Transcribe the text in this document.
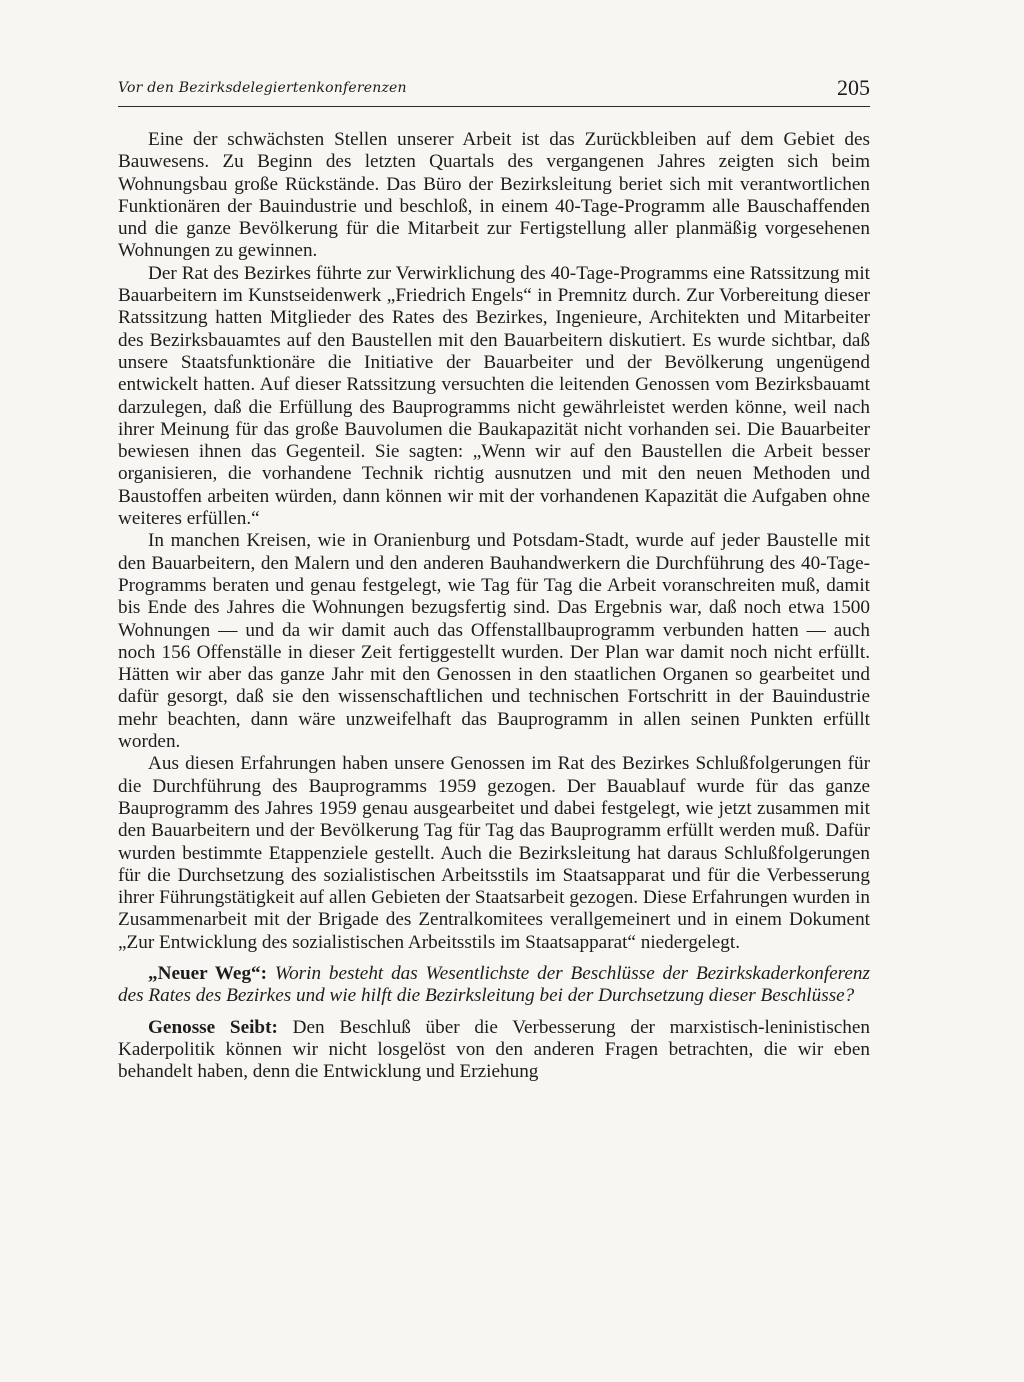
Vor den Bezirksdelegiertenkonferenzen	205

Eine der schwächsten Stellen unserer Arbeit ist das Zurückbleiben auf dem Gebiet des Bauwesens. Zu Beginn des letzten Quartals des vergangenen Jahres zeigten sich beim Wohnungsbau große Rückstände. Das Büro der Bezirksleitung beriet sich mit verantwortlichen Funktionären der Bauindustrie und beschloß, in einem 40-Tage-Programm alle Bauschaffenden und die ganze Bevölkerung für die Mitarbeit zur Fertigstellung aller planmäßig vorgesehenen Wohnungen zu gewinnen.

Der Rat des Bezirkes führte zur Verwirklichung des 40-Tage-Programms eine Ratssitzung mit Bauarbeitern im Kunstseidenwerk „Friedrich Engels“ in Premnitz durch. Zur Vorbereitung dieser Ratssitzung hatten Mitglieder des Rates des Bezirkes, Ingenieure, Architekten und Mitarbeiter des Bezirksbauamtes auf den Baustellen mit den Bauarbeitern diskutiert. Es wurde sichtbar, daß unsere Staatsfunktionäre die Initiative der Bauarbeiter und der Bevölkerung ungenügend entwickelt hatten. Auf dieser Ratssitzung versuchten die leitenden Genossen vom Bezirksbauamt darzulegen, daß die Erfüllung des Bauprogramms nicht gewährleistet werden könne, weil nach ihrer Meinung für das große Bauvolumen die Baukapazität nicht vorhanden sei. Die Bauarbeiter bewiesen ihnen das Gegenteil. Sie sagten: „Wenn wir auf den Baustellen die Arbeit besser organisieren, die vorhandene Technik richtig ausnutzen und mit den neuen Methoden und Baustoffen arbeiten würden, dann können wir mit der vorhandenen Kapazität die Aufgaben ohne weiteres erfüllen.“

In manchen Kreisen, wie in Oranienburg und Potsdam-Stadt, wurde auf jeder Baustelle mit den Bauarbeitern, den Malern und den anderen Bauhandwerkern die Durchführung des 40-Tage-Programms beraten und genau festgelegt, wie Tag für Tag die Arbeit voranschreiten muß, damit bis Ende des Jahres die Wohnungen bezugsfertig sind. Das Ergebnis war, daß noch etwa 1500 Wohnungen — und da wir damit auch das Offenstallbauprogramm verbunden hatten — auch noch 156 Offenställe in dieser Zeit fertiggestellt wurden. Der Plan war damit noch nicht erfüllt. Hätten wir aber das ganze Jahr mit den Genossen in den staatlichen Organen so gearbeitet und dafür gesorgt, daß sie den wissenschaftlichen und technischen Fortschritt in der Bauindustrie mehr beachten, dann wäre unzweifelhaft das Bauprogramm in allen seinen Punkten erfüllt worden.

Aus diesen Erfahrungen haben unsere Genossen im Rat des Bezirkes Schlußfolgerungen für die Durchführung des Bauprogramms 1959 gezogen. Der Bauablauf wurde für das ganze Bauprogramm des Jahres 1959 genau ausgearbeitet und dabei festgelegt, wie jetzt zusammen mit den Bauarbeitern und der Bevölkerung Tag für Tag das Bauprogramm erfüllt werden muß. Dafür wurden bestimmte Etappenziele gestellt. Auch die Bezirksleitung hat daraus Schlußfolgerungen für die Durchsetzung des sozialistischen Arbeitsstils im Staatsapparat und für die Verbesserung ihrer Führungstätigkeit auf allen Gebieten der Staatsarbeit gezogen. Diese Erfahrungen wurden in Zusammenarbeit mit der Brigade des Zentralkomitees verallgemeinert und in einem Dokument „Zur Entwicklung des sozialistischen Arbeitsstils im Staatsapparat“ niedergelegt.

„Neuer Weg“: Worin besteht das Wesentlichste der Beschlüsse der Bezirkskaderkonferenz des Rates des Bezirkes und wie hilft die Bezirksleitung bei der Durchsetzung dieser Beschlüsse?

Genosse Seibt: Den Beschluß über die Verbesserung der marxistisch-leninistischen Kaderpolitik können wir nicht losgelöst von den anderen Fragen betrachten, die wir eben behandelt haben, denn die Entwicklung und Erziehung
